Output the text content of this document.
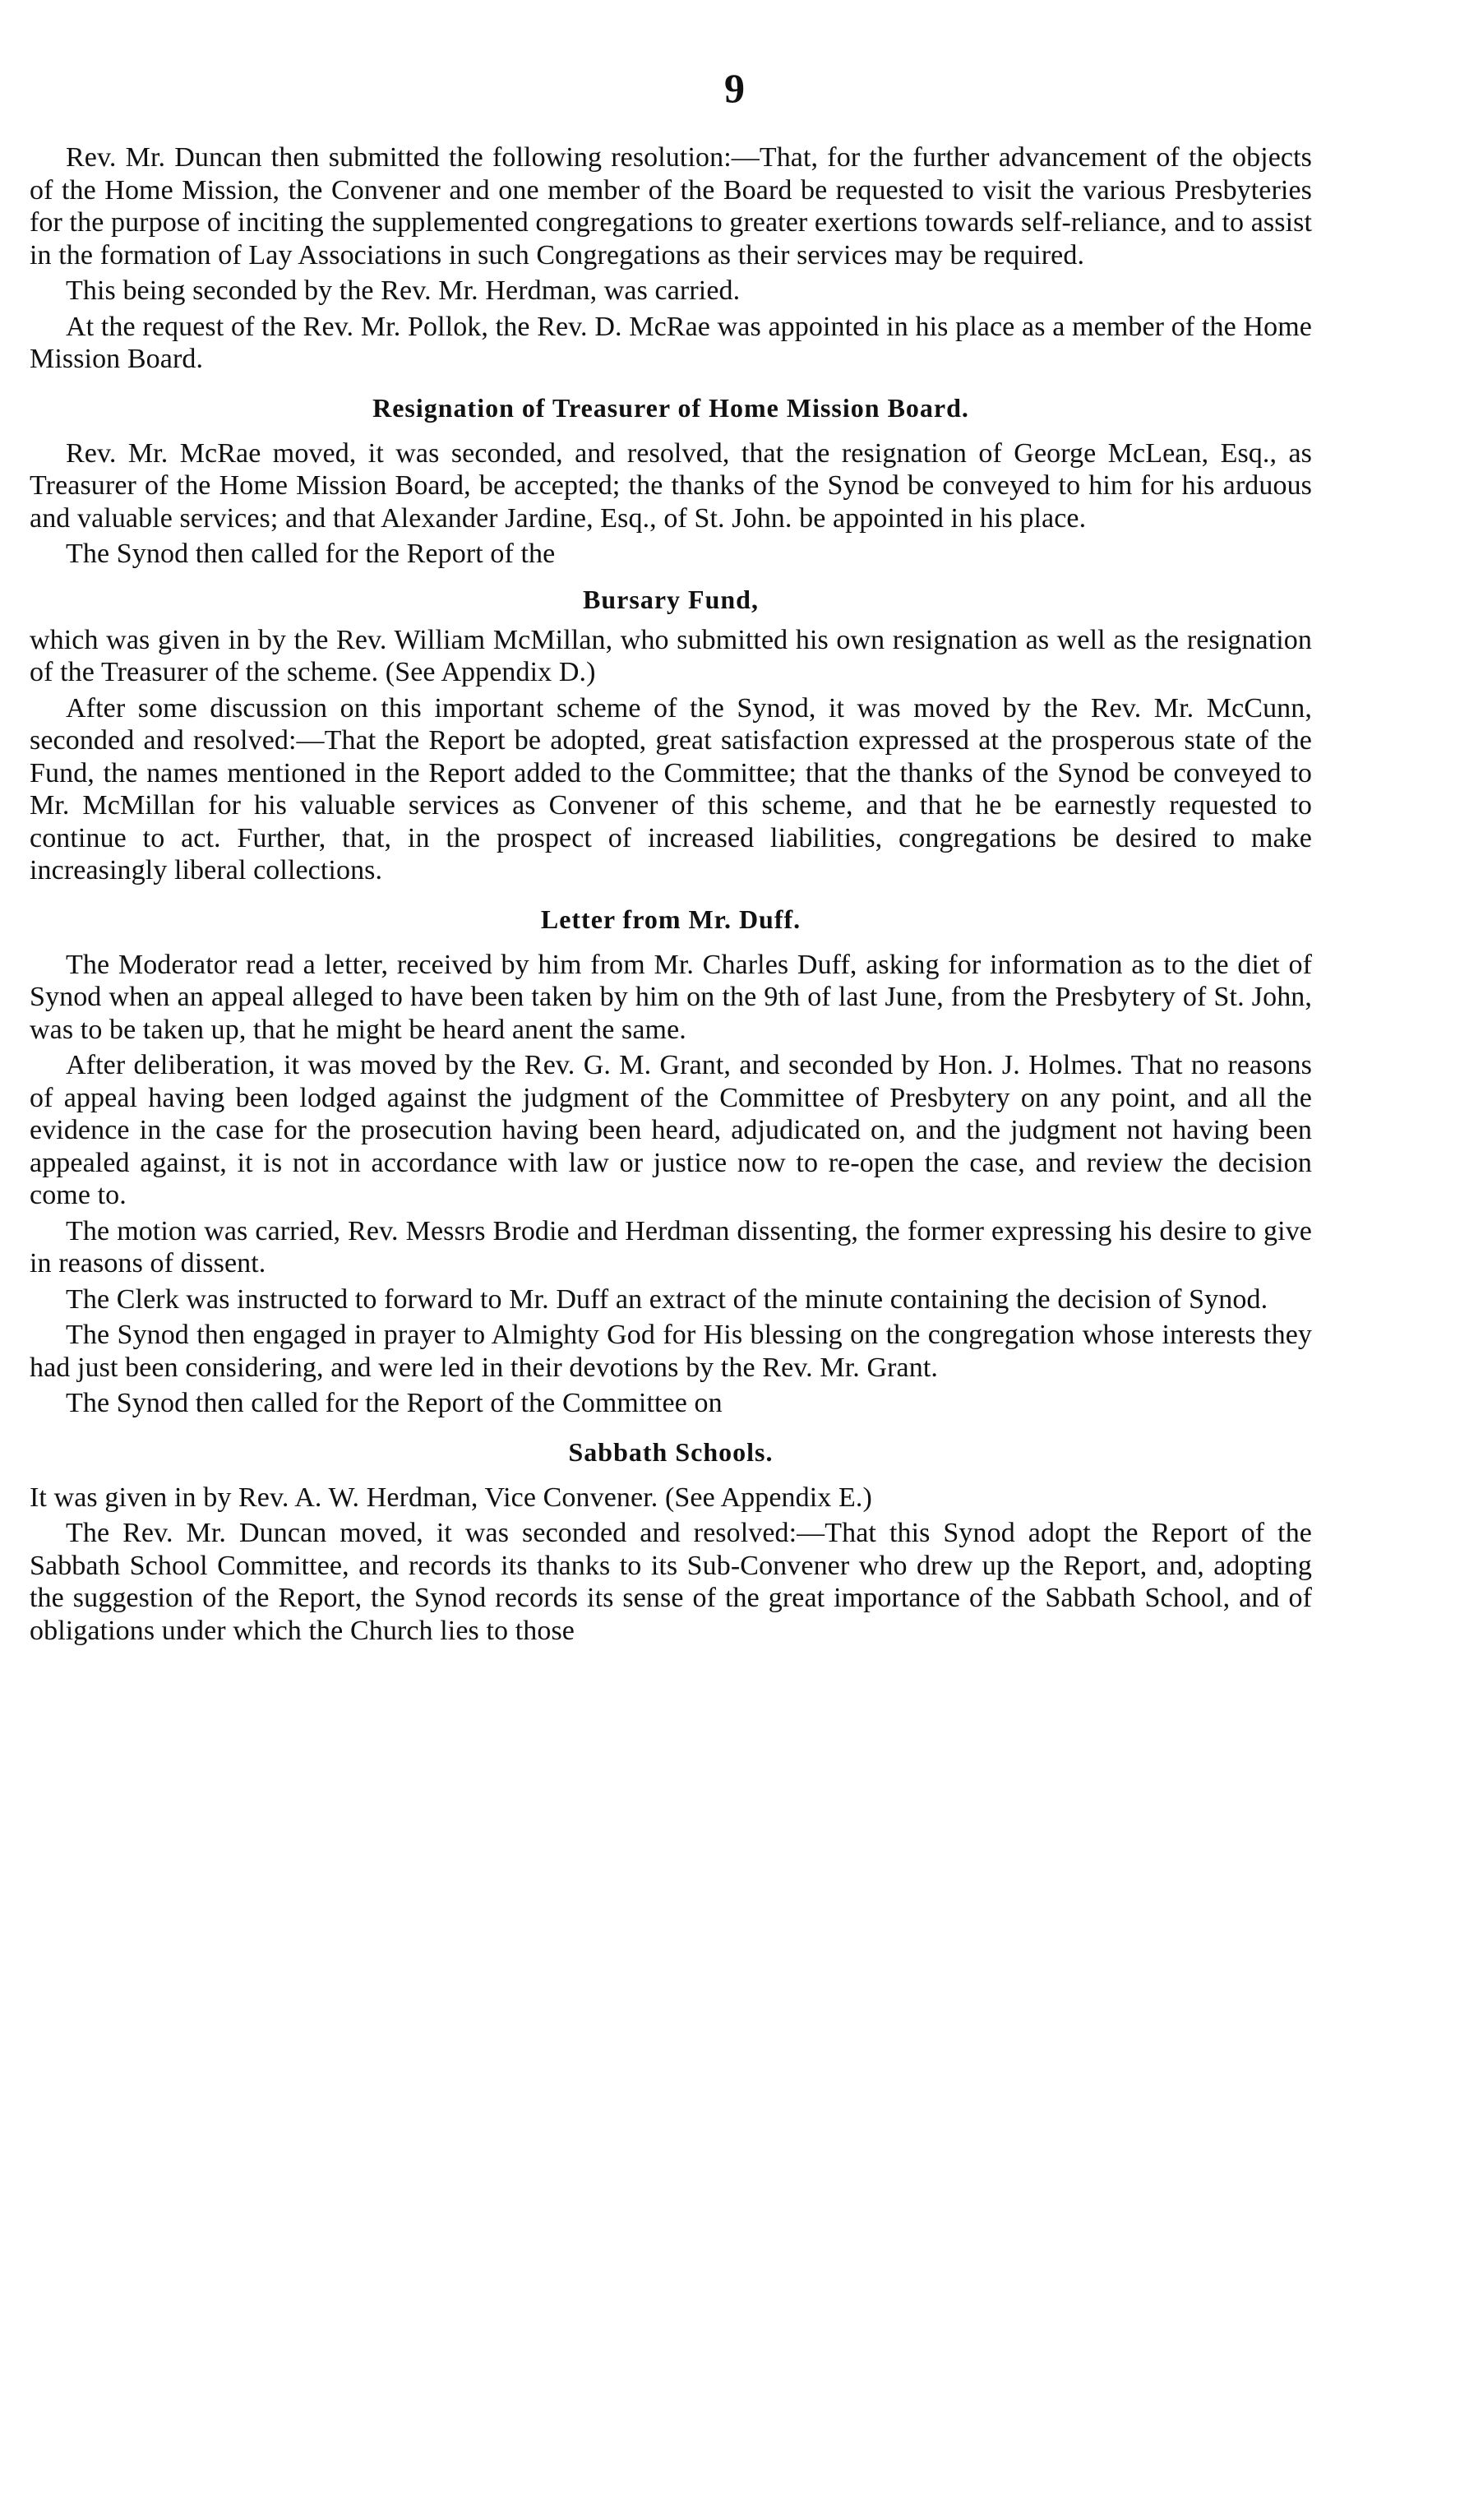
9

Rev. Mr. Duncan then submitted the following resolution:—That, for the further advancement of the objects of the Home Mission, the Convener and one member of the Board be requested to visit the various Presbyteries for the purpose of inciting the supplemented congregations to greater exertions towards self-reliance, and to assist in the formation of Lay Associations in such Congregations as their services may be required.

This being seconded by the Rev. Mr. Herdman, was carried.

At the request of the Rev. Mr. Pollok, the Rev. D. McRae was appointed in his place as a member of the Home Mission Board.

Resignation of Treasurer of Home Mission Board.

Rev. Mr. McRae moved, it was seconded, and resolved, that the resignation of George McLean, Esq., as Treasurer of the Home Mission Board, be accepted; the thanks of the Synod be conveyed to him for his arduous and valuable services; and that Alexander Jardine, Esq., of St. John. be appointed in his place.

The Synod then called for the Report of the

Bursary Fund,

which was given in by the Rev. William McMillan, who submitted his own resignation as well as the resignation of the Treasurer of the scheme. (See Appendix D.)

After some discussion on this important scheme of the Synod, it was moved by the Rev. Mr. McCunn, seconded and resolved:—That the Report be adopted, great satisfaction expressed at the prosperous state of the Fund, the names mentioned in the Report added to the Committee; that the thanks of the Synod be conveyed to Mr. McMillan for his valuable services as Convener of this scheme, and that he be earnestly requested to continue to act. Further, that, in the prospect of increased liabilities, congregations be desired to make increasingly liberal collections.

Letter from Mr. Duff.

The Moderator read a letter, received by him from Mr. Charles Duff, asking for information as to the diet of Synod when an appeal alleged to have been taken by him on the 9th of last June, from the Presbytery of St. John, was to be taken up, that he might be heard anent the same.

After deliberation, it was moved by the Rev. G. M. Grant, and seconded by Hon. J. Holmes. That no reasons of appeal having been lodged against the judgment of the Committee of Presbytery on any point, and all the evidence in the case for the prosecution having been heard, adjudicated on, and the judgment not having been appealed against, it is not in accordance with law or justice now to re-open the case, and review the decision come to.

The motion was carried, Rev. Messrs Brodie and Herdman dissenting, the former expressing his desire to give in reasons of dissent.

The Clerk was instructed to forward to Mr. Duff an extract of the minute containing the decision of Synod.

The Synod then engaged in prayer to Almighty God for His blessing on the congregation whose interests they had just been considering, and were led in their devotions by the Rev. Mr. Grant.

The Synod then called for the Report of the Committee on

Sabbath Schools.

It was given in by Rev. A. W. Herdman, Vice Convener. (See Appendix E.)

The Rev. Mr. Duncan moved, it was seconded and resolved:—That this Synod adopt the Report of the Sabbath School Committee, and records its thanks to its Sub-Convener who drew up the Report, and, adopting the suggestion of the Report, the Synod records its sense of the great importance of the Sabbath School, and of obligations under which the Church lies to those
